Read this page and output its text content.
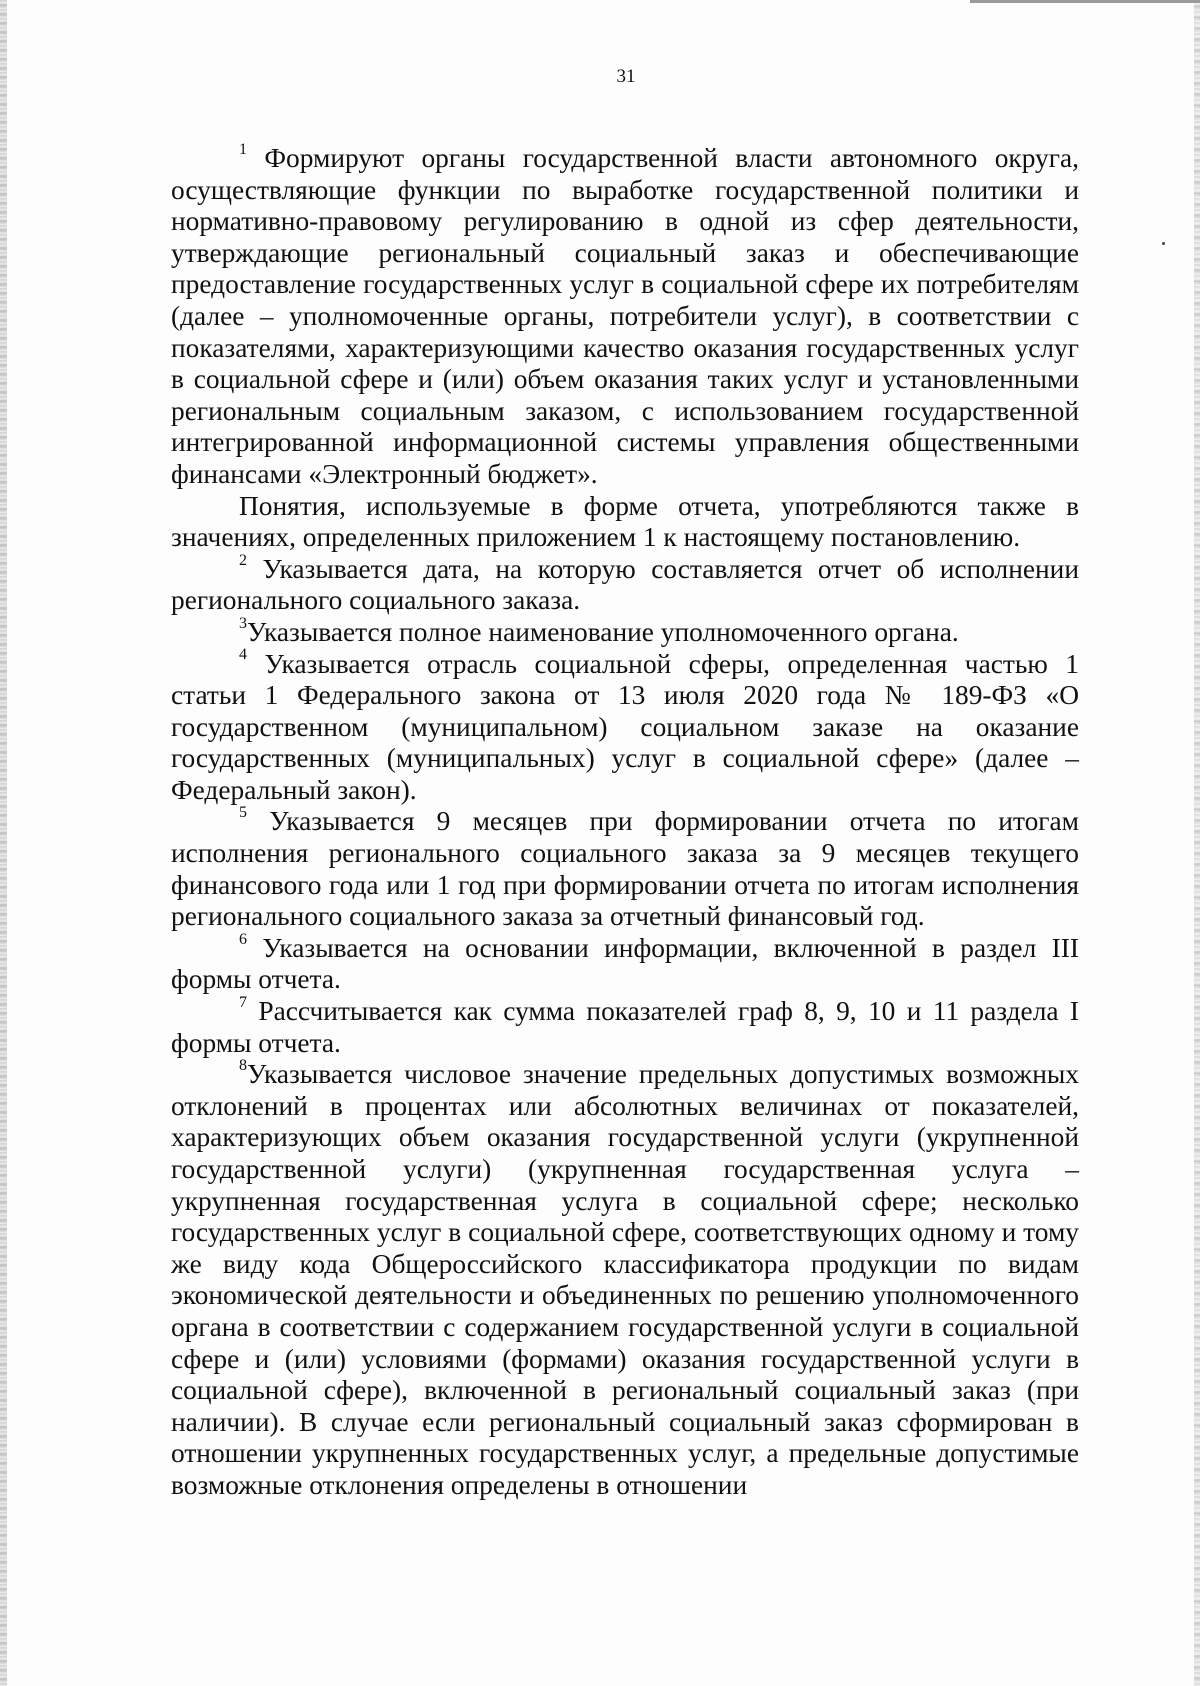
31

$^1$ Формируют органы государственной власти автономного округа, осуществляющие функции по выработке государственной политики и нормативно-правовому регулированию в одной из сфер деятельности, утверждающие региональный социальный заказ и обеспечивающие предоставление государственных услуг в социальной сфере их потребителям (далее – уполномоченные органы, потребители услуг), в соответствии с показателями, характеризующими качество оказания государственных услуг в социальной сфере и (или) объем оказания таких услуг и установленными региональным социальным заказом, с использованием государственной интегрированной информационной системы управления общественными финансами «Электронный бюджет».

Понятия, используемые в форме отчета, употребляются также в значениях, определенных приложением 1 к настоящему постановлению.

$^2$ Указывается дата, на которую составляется отчет об исполнении регионального социального заказа.

$^3$Указывается полное наименование уполномоченного органа.

$^4$ Указывается отрасль социальной сферы, определенная частью 1 статьи 1 Федерального закона от 13 июля 2020 года № 189-ФЗ «О государственном (муниципальном) социальном заказе на оказание государственных (муниципальных) услуг в социальной сфере» (далее – Федеральный закон).

$^5$ Указывается 9 месяцев при формировании отчета по итогам исполнения регионального социального заказа за 9 месяцев текущего финансового года или 1 год при формировании отчета по итогам исполнения регионального социального заказа за отчетный финансовый год.

$^6$ Указывается на основании информации, включенной в раздел III формы отчета.

$^7$ Рассчитывается как сумма показателей граф 8, 9, 10 и 11 раздела I формы отчета.

$^8$Указывается числовое значение предельных допустимых возможных отклонений в процентах или абсолютных величинах от показателей, характеризующих объем оказания государственной услуги (укрупненной государственной услуги) (укрупненная государственная услуга – укрупненная государственная услуга в социальной сфере; несколько государственных услуг в социальной сфере, соответствующих одному и тому же виду кода Общероссийского классификатора продукции по видам экономической деятельности и объединенных по решению уполномоченного органа в соответствии с содержанием государственной услуги в социальной сфере и (или) условиями (формами) оказания государственной услуги в социальной сфере), включенной в региональный социальный заказ (при наличии). В случае если региональный социальный заказ сформирован в отношении укрупненных государственных услуг, а предельные допустимые возможные отклонения определены в отношении
